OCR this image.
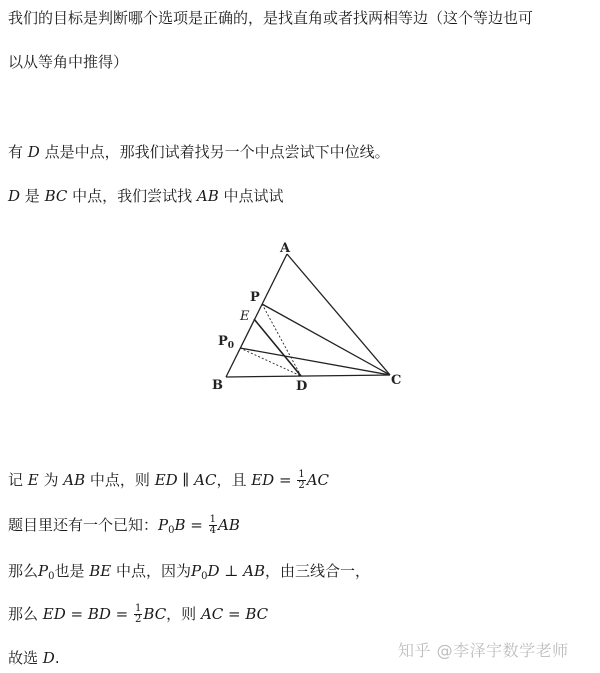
我们的目标是判断哪个选项是正确的，是找直角或者找两相等边（这个等边也可
以从等角中推得）
有 D 点是中点，那我们试着找另一个中点尝试下中位线。
D 是 BC 中点，我们尝试找 AB 中点试试
A
P
E
$P_0$
B	D	C
记 E 为 AB 中点，则 ED ∥ AC，且 ED = $\frac{1}{2}$ AC
题目里还有一个已知：$P_0B = \frac{1}{4}$ AB
那么$P_0$也是 BE 中点，因为$P_0D$ ⊥ AB，由三线合一，
那么 ED = BD = $\frac{1}{2}$ BC，则 AC = BC
故选 D.	知乎 @李泽宇数学老师
